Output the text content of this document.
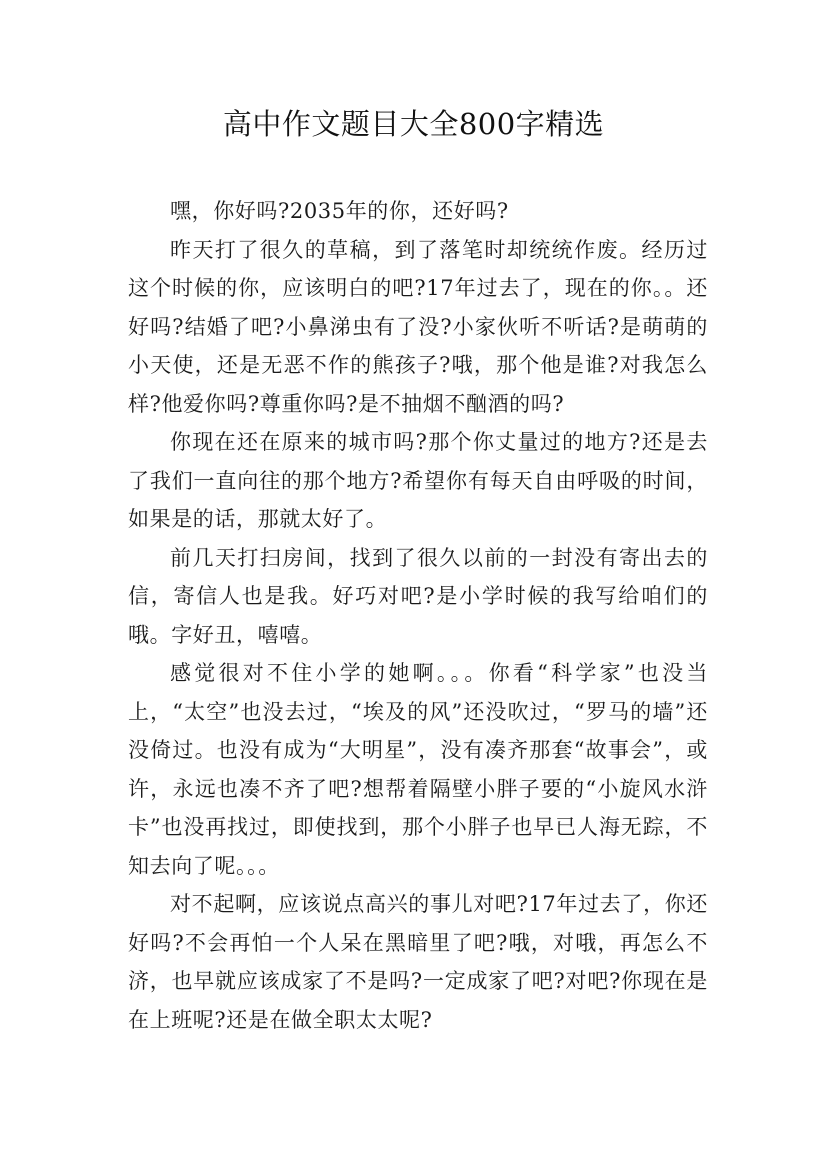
高中作文题目大全800字精选

嘿，你好吗?2035年的你，还好吗?

昨天打了很久的草稿，到了落笔时却统统作废。经历过这个时候的你，应该明白的吧?17年过去了，现在的你。。还好吗?结婚了吧?小鼻涕虫有了没?小家伙听不听话?是萌萌的小天使，还是无恶不作的熊孩子?哦，那个他是谁?对我怎么样?他爱你吗?尊重你吗?是不抽烟不酗酒的吗?

你现在还在原来的城市吗?那个你丈量过的地方?还是去了我们一直向往的那个地方?希望你有每天自由呼吸的时间，如果是的话，那就太好了。

前几天打扫房间，找到了很久以前的一封没有寄出去的信，寄信人也是我。好巧对吧?是小学时候的我写给咱们的哦。字好丑，嘻嘻。

感觉很对不住小学的她啊。。。你看“科学家”也没当上，“太空”也没去过，“埃及的风”还没吹过，“罗马的墙”还没倚过。也没有成为“大明星”，没有凑齐那套“故事会”，或许，永远也凑不齐了吧?想帮着隔壁小胖子要的“小旋风水浒卡”也没再找过，即使找到，那个小胖子也早已人海无踪，不知去向了呢。。。

对不起啊，应该说点高兴的事儿对吧?17年过去了，你还好吗?不会再怕一个人呆在黑暗里了吧?哦，对哦，再怎么不济，也早就应该成家了不是吗?一定成家了吧?对吧?你现在是在上班呢?还是在做全职太太呢?
